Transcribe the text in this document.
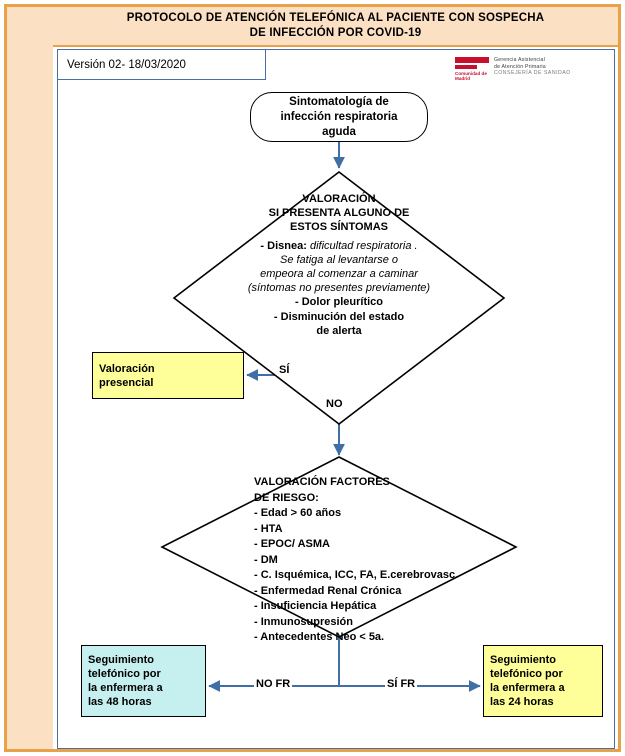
PROTOCOLO DE ATENCIÓN TELEFÓNICA AL PACIENTE CON SOSPECHA
DE INFECCIÓN POR COVID-19
Versión 02- 18/03/2020
Comunidad de Madrid
Gerencia Asistencial
de Atención Primaria
CONSEJERÍA DE SANIDAD
Sintomatología de
infección respiratoria
aguda
VALORACIÓN
SI PRESENTA ALGUNO DE
ESTOS SÍNTOMAS
- Disnea: dificultad respiratoria .
Se fatiga al levantarse o
empeora al comenzar a caminar
(síntomas no presentes previamente)
- Dolor pleurítico
- Disminución del estado
de alerta
Valoración
presencial
SÍ
NO
VALORACIÓN FACTORES
DE RIESGO:
- Edad > 60 años
- HTA
- EPOC/ ASMA
- DM
- C. Isquémica, ICC, FA, E.cerebrovasc.
- Enfermedad Renal Crónica
- Insuficiencia Hepática
- Inmunosupresión
- Antecedentes Neo < 5a.
Seguimiento
telefónico por
la enfermera a
las 48 horas
Seguimiento
telefónico por
la enfermera a
las 24 horas
NO FR	SÍ FR
